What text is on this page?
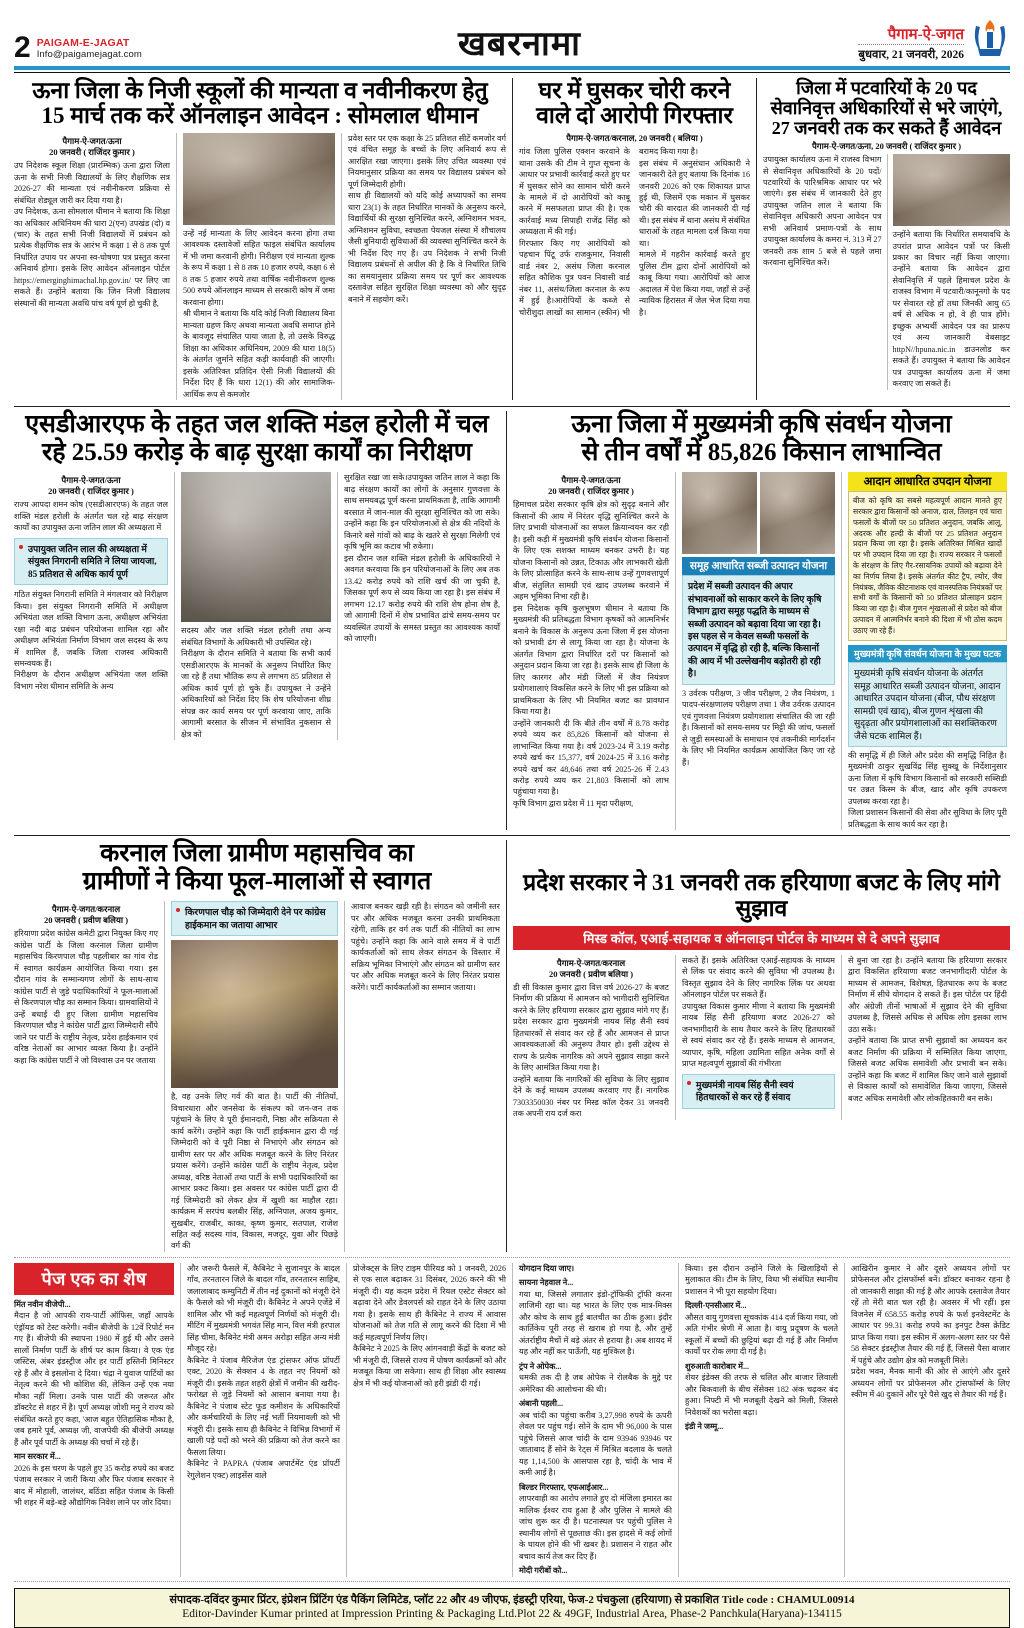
2 PAIGAM-E-JAGAT
Info@paigamejagat.com	खबरनामा	पैगाम-ऐ-जगत
बुधवार, 21 जनवरी, 2026
ऊना जिला के निजी स्कूलों की मान्यता व नवीनीकरण हेतु
15 मार्च तक करें ऑनलाइन आवेदन : सोमलाल धीमान
पैगाम-ऐ-जगत/ऊना
20 जनवरी ( राजिंदर कुमार )
उप निदेशक स्कूल शिक्षा (प्रारम्भिक) ऊना द्वारा जिला ऊना के सभी निजी विद्यालयों के लिए शैक्षणिक सत्र 2026-27 की मान्यता एवं नवीनीकरण प्रक्रिया से संबंधित शेड्यूल जारी कर दिया गया है।
उप निदेशक, ऊना सोमलाल धीमान ने बताया कि शिक्षा का अधिकार अधिनियम की धारा 2(एन) उपखंड (दो) व (चार) के तहत सभी निजी विद्यालयों में प्रबंधन को प्रत्येक शैक्षणिक सत्र के आरंभ में कक्षा 1 से 8 तक पूर्ण निर्धारित उपाय पर अपना स्व-घोषणा पत्र प्रस्तुत करना अनिवार्य होगा। इसके लिए आवेदन ऑनलाइन पोर्टल https://emerginghimachal.hp.gov.in/ पर लिए जा सकते हैं। उन्होंने बताया कि जिन निजी विद्यालय संस्थानों की मान्यता अवधि पांच वर्ष पूर्ण हो चुकी है,
उन्हें नई मान्यता के लिए आवेदन करना होगा तथा आवश्यक दस्तावेजों सहित फाइल संबंधित कार्यालय में भी जमा करवानी होगी। निरीक्षण एवं मान्यता शुल्क के रूप में कक्षा 1 से 8 तक 10 हजार रुपये, कक्षा 6 से 8 तक 5 हजार रुपये तथा वार्षिक नवीनीकरण शुल्क 500 रुपये ऑनलाइन माध्यम से सरकारी कोष में जमा करवाना होगा।
श्री धीमान ने बताया कि यदि कोई निजी विद्यालय बिना मान्यता ग्रहण किए अथवा मान्यता अवधि समाप्त होने के बावजूद संचालित पाया जाता है, तो उसके विरुद्ध शिक्षा का अधिकार अधिनियम, 2009 की धारा 18(5) के अंतर्गत जुर्माने सहित कड़ी कार्यवाही की जाएगी। इसके अतिरिक्त प्रतिदिन ऐसी निजी विद्यालयों की निर्देश दिए हैं कि धारा 12(1) की ओर सामाजिक-आर्थिक रूप से कमजोर
प्रवेश स्तर पर एक कक्षा के 25 प्रतिशत सीटें कमजोर वर्ग एवं वंचित समूह के बच्चों के लिए अनिवार्य रूप से आरक्षित रखा जाएगा। इसके लिए उचित व्यवस्था एवं नियमानुसार प्रक्रिया का समय पर विद्यालय प्रबंधन को पूर्ण जिम्मेदारी होगी।
साथ ही विद्यालयों को यदि कोई अध्यापकों का समय धारा 23(1) के तहत निर्धारित मानकों के अनुरूप करने, विद्यार्थियों की सुरक्षा सुनिश्चित करने, अग्निशमन भवन, अग्निशमन सुविधा, स्वच्छता पेयजल संस्था में शौचालय जैसी बुनियादी सुविधाओं की व्यवस्था सुनिश्चित करने के भी निर्देश दिए गए हैं। उप निदेशक ने सभी निजी विद्यालय प्रबंधनों से अपील की है कि वे निर्धारित तिथि का समयानुसार प्रक्रिया समय पर पूर्ण कर आवश्यक दस्तावेज़ सहित सुरक्षित शिक्षा व्यवस्था को और सुदृढ़ बनाने में सहयोग करें।
घर में घुसकर चोरी करने
वाले दो आरोपी गिरफ्तार
पैगाम-ऐ-जगत/करनाल, 20 जनवरी ( बलिया )
गांव जिला पुलिस एक्शन करवाने के थाना उसके की टीम ने गुप्त सूचना के आधार पर प्रभावी कार्रवाई करते हुए घर में घुसकर सोने का सामान चोरी करने के मामले में दो आरोपियों को काबू करने में मसफलता प्राप्त की है। एक कार्रवाई मध्य सिपाही राजेंद्र सिंह को अध्यक्षता में की गई।
गिरफ्तार किए गए आरोपियों को पहचान पिंटू उर्फ राजकुमार, निवासी वार्ड नंबर 2, असंध जिला करनाल सहित कौशिक पुत्र पवन निवासी वार्ड नंबर 11, असंध/जिला करनाल के रूप में हुई है।आरोपियों के कब्जे से चोरीशुदा लाखों का सामान (स्कीन) भी बरामद किया गया है।
इस संबंध में अनुसंधान अधिकारी ने जानकारी देते हुए बताया कि दिनांक 16 जनवरी 2026 को एक शिकायत प्राप्त हुई थी, जिसमें एक मकान में घुसकर चोरी की वारदात की जानकारी दी गई थी। इस संबंध में थाना असंध में संबंधित धाराओं के तहत मामला दर्ज किया गया था।
मामले में गहरीन कार्रवाई करते हुए पुलिस टीम द्वारा दोनों आरोपियों को काबू किया गया। आरोपियों को आज अदालत में पेश किया गया, जहाँ से उन्हें न्यायिक हिरासत में जेल भेज दिया गया है।
जिला में पटवारियों के 20 पद
सेवानिवृत्त अधिकारियों से भरे जाएंगे,
27 जनवरी तक कर सकते हैं आवेदन
पैगाम-ऐ-जगत/ऊना, 20 जनवरी ( राजिंदर कुमार )
उपायुक्त कार्यालय ऊना में राजस्व विभाग से सेवानिवृत्त अधिकारियों के 20 पदों/पटवारियों के पारिश्रमिक आधार पर भरे जाएंगे। इस संबंध में जानकारी देते हुए उपायुक्त जतिन लाल ने बताया कि सेवानिवृत्त अधिकारी अपना आवेदन पत्र सभी अनिवार्य प्रमाण-पत्रों के साथ उपायुक्त कार्यालय के कमरा नं. 313 में 27 जनवरी तक शाम 5 बजे से पहले जमा करवाना सुनिश्चित करें।
उन्होंने बताया कि निर्धारित समयावधि के उपरांत प्राप्त आवेदन पत्रों पर किसी प्रकार का विचार नहीं किया जाएगा। उन्होंने बताया कि आवेदन द्वारा सेवानिवृत्ति में पहले हिमाचल प्रदेश के राजस्व विभाग में पटवारी/कानूनगो के पद पर सेवारत रहे हों तथा जिनकी आयु 65 वर्ष से अधिक न हो, वे ही पात्र होंगे। इच्छुक अभ्यर्थी आवेदन पत्र का प्रारूप एवं अन्य जानकारी वेबसाइट httpN//hpuna.nic.in डाउनलोड कर सकते हैं। उपायुक्त ने बताया कि आवेदन पत्र उपायुक्त कार्यालय ऊना में जमा करवाए जा सकते हैं।
एसडीआरएफ के तहत जल शक्ति मंडल हरोली में चल
रहे 25.59 करोड़ के बाढ़ सुरक्षा कार्यों का निरीक्षण
पैगाम-ऐ-जगत/ऊना
20 जनवरी ( राजिंदर कुमार )
राज्य आपदा शमन कोष (एसडीआरएफ) के तहत जल शक्ति मंडल हरोली के अंतर्गत चल रहे बाढ़ संरक्षण कार्यों का उपायुक्त ऊना जतिन लाल की अध्यक्षता में
उपायुक्त जतिन लाल की अध्यक्षता में संयुक्त निगरानी समिति ने लिया जायजा, 85 प्रतिशत से अधिक कार्य पूर्ण
गठित संयुक्त निगरानी समिति ने मंगलवार को निरीक्षण किया। इस संयुक्त निगरानी समिति में अधीक्षण अभियंता जल शक्ति विभाग ऊना, अधीक्षण अभियंता रक्षा नदी बाढ़ प्रबंधन परियोजना शामिल रहा और अधीक्षण अभियंता निर्माण विभाग जल सदस्य के रूप में शामिल हैं, जबकि जिला राजस्व अधिकारी समन्वयक हैं।
निरीक्षण के दौरान अधीक्षण अभियंता जल शक्ति विभाग नरेश धीमान समिति के अन्य
सदस्य और जल शक्ति मंडल हरोली तथा अन्य संबंधित विभागों के अधिकारी भी उपस्थित रहे।
निरीक्षण के दौरान समिति ने बताया कि सभी कार्य एसडीआरएफ के मानकों के अनुरूप निर्धारित किए जा रहे हैं तथा भौतिक रूप से लगभग 85 प्रतिशत से अधिक कार्य पूर्ण हो चुके हैं। उपायुक्त ने उन्हेंने अधिकारियों को निर्देश दिए कि शेष परियोजना शीघ्र संपन्न कर कार्य समय पर पूर्ण करवाया जाए, ताकि आगामी बरसात के सीजन में संभावित नुकसान से क्षेत्र को
सुरक्षित रखा जा सके।उपायुक्त जतिन लाल ने कहा कि बाढ़ संरक्षण कार्यों का लोगों के अनुसार गुणवत्ता के साथ समयबद्ध पूर्ण करना प्राथमिकता है, ताकि आगामी बरसात में जान-माल की सुरक्षा सुनिश्चित को जा सके। उन्होंने कहा कि इन परियोजनाओं से क्षेत्र की नदियों के किनारे बसे गांवों को बाढ़ के खतरे से सुरक्षा मिलेगी एवं कृषि भूमि का कटाव भी रुकेगा।
इस दौरान जल शक्ति मंडल हरोली के अधिकारियों ने अवगत करवाया कि इन परियोजनाओं के लिए अब तक 13.42 करोड़ रुपये को राशि खर्च की जा चुकी है, जिसका पूर्ण रूप से व्यय किया जा रहा है। इस संबंध में लगभग 12.17 करोड़ रुपये की राशि शेष होना शेष है, जो आगामी दिनों में शेष प्रभावित ढांचे समय-समय पर व्यवस्थित उपायों के समस्त प्रस्तुत का आवश्यक कार्यों को जाएगी।
ऊना जिला में मुख्यमंत्री कृषि संवर्धन योजना
से तीन वर्षों में 85,826 किसान लाभान्वित
पैगाम-ऐ-जगत/ऊना
20 जनवरी ( राजिंदर कुमार )
हिमाचल प्रदेश सरकार कृषि क्षेत्र को सुदृढ़ बनाने और किसानों की आय में निरंतर वृद्धि सुनिश्चित करने के लिए प्रभावी योजनाओं का सफल क्रियान्वयन कर रही है। इसी कड़ी में मुख्यमंत्री कृषि संवर्धन योजना किसानों के लिए एक सशक्त माध्यम बनकर उभरी है। यह योजना किसानों को उन्नत, टिकाऊ और लाभकारी खेती के लिए प्रोत्साहित करने के साथ-साथ उन्हें गुणवत्तापूर्ण बीज, संतुलित सामग्री एवं खाद उपलब्ध करवाने में अहम भूमिका निभा रही है।
इस निदेशक कृषि कुलभूषण धीमान ने बताया कि मुख्यमंत्री की प्रतिबद्धता विभाग कृषकों को आत्मनिर्भर बनाने के विकास के अनुरूप ऊना जिला में इस योजना को प्रभावी ढंग से लागू किया जा रहा है। योजना के अंतर्गत विभाग द्वारा निर्धारित दरों पर किसानों को अनुदान प्रदान किया जा रहा है। इसके साथ ही जिला के लिए कारगर और मंडी जिलों में जैव नियंत्रण प्रयोगशालाएं विकसित करने के लिए भी इस प्रक्रिया को प्राथमिकता के लिए भी नियमित बजट का प्रावधान किया गया है।
उन्होंने जानकारी दी कि बीते तीन वर्षों में 8.78 करोड़ रुपये व्यय कर 85,826 किसानों को योजना से लाभान्वित किया गया है। वर्ष 2023-24 में 3.19 करोड़ रुपये खर्च कर 15,377, वर्ष 2024-25 में 3.16 करोड़ रुपये खर्च कर 48,646 तथा वर्ष 2025-26 में 2.43 करोड़ रुपये व्यय कर 21,803 किसानों को लाभ पहुंचाया गया है।
कृषि विभाग द्वारा प्रदेश में 11 मृदा परीक्षण,
समूह आधारित सब्जी उत्पादन योजना
प्रदेश में सब्जी उत्पादन की अपार संभावनाओं को साकार करने के लिए कृषि विभाग द्वारा समूह पद्धति के माध्यम से सब्जी उत्पादन को बढ़ावा दिया जा रहा है। इस पहल से न केवल सब्जी फसलों के उत्पादन में वृद्धि हो रही है, बल्कि किसानों की आय में भी उल्लेखनीय बढ़ोतरी हो रही है।
3 उर्वरक परीक्षण, 3 जीव परीक्षण, 2 जैव नियंत्रण, 1 पादप-संरक्षणालय परीक्षण तथा 1 जैव उर्वरक उत्पादन एवं गुणवत्ता नियंत्रण प्रयोगशाला संचालित की जा रही हैं। किसानों को समय-समय पर मिट्टी की जांच, फसलों से जुड़ी समस्याओं के समाधान एवं तकनीकी मार्गदर्शन के लिए भी नियमित कार्यक्रम आयोजित किए जा रहे हैं।
आदान आधारित उपदान योजना
बीज को कृषि का सबसे महत्वपूर्ण आदान मानते हुए सरकार द्वारा किसानों को अनाज, दाल, तिलहन एवं चारा फसलों के बीजों पर 50 प्रतिशत अनुदान, जबकि आलू, अदरक और हल्दी के बीजों पर 25 प्रतिशत अनुदान प्रदान किया जा रहा है। इसके अतिरिक्त मिश्रित खादों पर भी उपदान दिया जा रहा है। राज्य सरकार ने फसलों के संरक्षण के लिए गैर-रसायनिक उपायों को बढ़ावा देने का निर्णय लिया है। इसके अंतर्गत कीट ट्रैप, ल्योर, जैव नियंत्रक, जैविक कीटनाशक एवं वानस्पतिक नियंत्रकों पर सभी वर्गों के किसानों को 50 प्रतिशत प्रोत्साहन प्रदान किया जा रहा है। बीज गुणन शृंखलाओं से प्रदेश को बीज उत्पादन में आत्मनिर्भर बनाने की दिशा में भी ठोस कदम उठाए जा रहे हैं।
मुख्यमंत्री कृषि संवर्धन योजना के मुख्य घटक
मुख्यमंत्री कृषि संवर्धन योजना के अंतर्गत समूह आधारित सब्जी उत्पादन योजना, आदान आधारित उपदान योजना (बीज, पौध संरक्षण सामग्री एवं खाद), बीज गुणन शृंखला की सुदृढ़ता और प्रयोगशालाओं का सशक्तिकरण जैसे घटक शामिल हैं।
की समृद्धि में ही जिले और प्रदेश की समृद्धि निहित है। मुख्यमंत्री ठाकुर सुखविंद्र सिंह सुक्खू के निर्देशानुसार ऊना जिला में कृषि विभाग किसानों को सरकारी सब्सिडी पर उन्नत किस्म के बीज, खाद और कृषि उपकरण उपलब्ध करवा रहा है।
जिला प्रशासन किसानों की सेवा और सुविधा के लिए पूरी प्रतिबद्धता के साथ कार्य कर रहा है।
करनाल जिला ग्रामीण महासचिव का
ग्रामीणों ने किया फूल-मालाओं से स्वागत
पैगाम-ऐ-जगत/करनाल
20 जनवरी ( प्रवीण बलिया )
हरियाणा प्रदेश कांग्रेस कमेटी द्वारा नियुक्त किए गए कांग्रेस पार्टी के जिला करनाल जिला ग्रामीण महासचिव किरणपाल चौड़ पहलीबार का गांव रोड में स्वागत कार्यक्रम आयोजित किया गया। इस दौरान गांव के सम्मान्यगण लोगों के साथ-साथ कांग्रेस पार्टी से जुड़े पदाधिकारियों ने फूल-मालाओं से किरणपाल चौड़ का सम्मान किया। ग्रामवासियों ने उन्हें बधाई दी हुए जिला ग्रामीण महासचिव किरणपाल चौड़ ने कांग्रेस पार्टी द्वारा जिम्मेदारी सौंपे जाने पर पार्टी के राष्ट्रीय नेतृत्व, प्रदेश हाईकमान एवं वरिष्ठ नेताओं का आभार व्यक्त किया है। उन्होंने कहा कि कांग्रेस पार्टी ने जो विश्वास उन पर जताया
किरणपाल चौड़ को जिम्मेदारी देने पर कांग्रेस हाईकमान का जताया आभार
है, वह उनके लिए गर्व की बात है। पार्टी की नीतियों, विचारधारा और जनसेवा के संकल्प को जन-जन तक पहुंचाने के लिए वे पूरी ईमानदारी, निष्ठा और सक्रियता से कार्य करेंगे। उन्होंने कहा कि पार्टी हाईकमान द्वारा दी गई जिम्मेदारी को वे पूरी निष्ठा से निभाएंगे और संगठन को ग्रामीण स्तर पर और अधिक मजबूत करने के लिए निरंतर प्रयास करेंगे। उन्होंने कांग्रेस पार्टी के राष्ट्रीय नेतृत्व, प्रदेश अध्यक्ष, वरिष्ठ नेताओं तथा पार्टी के सभी पदाधिकारियों का आभार प्रकट किया। इस अवसर पर कांग्रेस पार्टी द्वारा दी गई जिम्मेदारी को लेकर क्षेत्र में खुशी का माहौल रहा। कार्यक्रम में सरपंच बलबीर सिंह, अग्निपाल, अजय कुमार, सुखबीर, राजबीर, काका, कृष्ण कुमार, सतपाल, राजेश सहित कई सदस्य गांव, विकास, मजदूर, युवा और पिछड़े वर्ग की
आवाज बनकर खड़ी रही है। संगठन को जमीनी स्तर पर और अधिक मजबूत करना उनकी प्राथमिकता रहेगी, ताकि हर वर्ग तक पार्टी की नीतियों का लाभ पहुंचे। उन्होंने कहा कि आने वाले समय में वे पार्टी कार्यकर्ताओं को साथ लेकर संगठन के विस्तार में सक्रिय भूमिका निभाएंगे और संगठन को ग्रामीण स्तर पर और अधिक मजबूत करने के लिए निरंतर प्रयास करेंगे। पार्टी कार्यकर्ताओं का सम्मान जताया।
प्रदेश सरकार ने 31 जनवरी तक हरियाणा बजट के लिए मांगे सुझाव
मिस्ड कॉल, एआई-सहायक व ऑनलाइन पोर्टल के माध्यम से दे अपने सुझाव
पैगाम-ऐ-जगत/करनाल
20 जनवरी ( प्रवीण बलिया )
डी सी विकास कुमार द्वारा वित्त वर्ष 2026-27 के बजट निर्माण की प्रक्रिया में आमजन को भागीदारी सुनिश्चित करने के लिए हरियाणा सरकार द्वारा सुझाव मांगे गए हैं। प्रदेश सरकार द्वारा मुख्यमंत्री नायब सिंह सैनी स्वयं हितधारकों से संवाद कर रहे हैं और आमजन से प्राप्त आवश्यकताओं की अनुरूप तैयार हो। इसी उद्देश्य से राज्य के प्रत्येक नागरिक को अपने सुझाव साझा करने के लिए आमंत्रित किया गया है।
उन्होंने बताया कि नागरिकों की सुविधा के लिए सुझाव देने के कई माध्यम उपलब्ध करवाए गए हैं। नागरिक 7303350030 नंबर पर मिस्ड कॉल देकर 31 जनवरी तक अपनी राय दर्ज करा
सकते हैं। इसके अतिरिक्त एआई-सहायक के माध्यम से लिंक पर संवाद करने की सुविधा भी उपलब्ध है। विस्तृत सुझाव देने के लिए नागरिक लिंक पर अथवा ऑनलाइन पोर्टल पर सकते हैं।
उपायुक्त विकास कुमार मीणा ने बताया कि मुख्यमंत्री नायब सिंह सैनी हरियाणा बजट 2026-27 को जनभागीदारी के साथ तैयार करने के लिए हितधारकों से स्वयं संवाद कर रहे हैं। इसके माध्यम से आमजन, व्यापार, कृषि, महिला उद्यमिता सहित अनेक वर्गों से प्राप्त महत्वपूर्ण सुझावों की गंभीरता
मुख्यमंत्री नायब सिंह सैनी स्वयं हितधारकों से कर रहे हैं संवाद
से बुना जा रहा है। उन्होंने बताया कि हरियाणा सरकार द्वारा विकसित हरियाणा बजट जनभागीदारी पोर्टल के माध्यम से आमजन, विशेषज्ञ, हितधारक रूप के बजट निर्माण में सीधे योगदान दे सकते हैं। इस पोर्टल पर हिंदी और अंग्रेजी तीनों भाषाओं में सुझाव देने की सुविधा उपलब्ध है, जिससे अधिक से अधिक लोग इसका लाभ उठा सकें।
उन्होंने बताया कि प्राप्त सभी सुझावों का अध्ययन कर बजट निर्माण की प्रक्रिया में सम्मिलित किया जाएगा, जिससे बजट अधिक समावेशी और प्रभावी बन सके। उन्होंने कहा कि बजट में शामिल किए जाने वाले सुझावों से विकास कार्यों को समावेशित किया जाएगा, जिससे बजट अधिक समावेशी और लोकहितकारी बन सके।
पेज एक का शेष
मिंत नवीन वीजेपी...
मैदान है जो आपकी राय-पार्टी ऑफिस, जहाँ आपके एंड्रॉयड को टेस्ट करेगी। नवीन बीजेपी के 12वें रिपोर्ट मन गए हैं। बीजेपी की स्थापना 1980 में हुई थी और उसने सालों निर्माण पार्टी के शीर्ष पर काम किया। वे एक एंड जस्टिस, अंबर इंडस्ट्रीज और हर पार्टी हस्तिनी मिनिस्टर रहे हैं और वे इसलोना दे दिया। चंद्रा ने युवाज पार्टियों का नेतृत्व करने की भी कोशिश की, लेकिन उन्हें एक नया मौका नहीं मिला। उनके पास पार्टी की जरूरत और डॉक्टरेट से शहर में है। पूर्ण अध्यक्ष जोशी मनु ने राज्य को संबंधित करते हुए कहा, 'आज बहुत ऐतिहासिक मौका है, जब हमारे पूर्व, अध्यक्ष जी, वाजपेयी की बीजेपी अध्यक्ष हैं और पूर्व पार्टी के अध्यक्ष की चर्चा में रहे हैं।
मान सरकार में...
2026 के इस चरण के पहले हुए 35 करोड़ रुपये का बजट पंजाब सरकार ने जारी किया और फिर पंजाब सरकार ने बाद में मोहाली, जालंधर, बठिंडा सहित पंजाब के किसी भी शहर में बड़े-बड़े औद्योगिक निवेश लाने पर जोर दिया।
और जरूरी फैसले में, कैबिनेट ने सुजानपुर के बादल गाँव, तरनतारन जिले के बादल गाँव, तरनतारन साहिब, जलालाबाद कम्युनिटी में तीन नई दुकानों को मंजूरी देने के फैसले को भी मंजूरी दी। कैबिनेट ने अपने एजेंडे में शामिल और भी कई महत्वपूर्ण निर्णयों को मंजूरी दी। मीटिंग में मुख्यमंत्री भगवंत सिंह मान, वित्त मंत्री हरपाल सिंह चीमा, कैबिनेट मंत्री अमन अरोड़ा सहित अन्य मंत्री मौजूद रहे।
कैबिनेट ने पंजाब मैरिजेज एंड ट्रांसफर ऑफ प्रॉपर्टी एक्ट, 2020 के सेक्शन 4 के तहत नए नियमों को मंजूरी दी। इसके तहत शहरी क्षेत्रों में जमीन की खरीद-फरोख्त से जुड़े नियमों को आसान बनाया गया है। कैबिनेट ने पंजाब स्टेट फूड कमीशन के अधिकारियों और कर्मचारियों के लिए नई भर्ती नियमावली को भी मंजूरी दी। इसके साथ ही कैबिनेट ने विभिन्न विभागों में खाली पड़े पदों को भरने की प्रक्रिया को तेज करने का फैसला लिया।
कैबिनेट ने PAPRA (पंजाब अपार्टमेंट एंड प्रॉपर्टी रेगुलेशन एक्ट) लाइसेंस वाले
प्रोजेक्ट्स के लिए टाइम पीरियड को 1 जनवरी, 2026 से एक साल बढ़ाकर 31 दिसंबर, 2026 करने की भी मंजूरी दी। यह कदम प्रदेश में रियल एस्टेट सेक्टर को बढ़ावा देने और डेवलपर्स को राहत देने के लिए उठाया गया है। इसके साथ ही कैबिनेट ने राज्य में आवास योजनाओं को तेज गति से लागू करने की दिशा में भी कई महत्वपूर्ण निर्णय लिए।
कैबिनेट ने 2025 के लिए आंगनवाड़ी केंद्रों के बजट को भी मंजूरी दी, जिससे राज्य में पोषण कार्यक्रमों को और मजबूत किया जा सकेगा। साथ ही शिक्षा और स्वास्थ्य क्षेत्र में भी कई योजनाओं को हरी झंडी दी गई।
योगदान दिया जाए।
सायना नेहवाल ने...
गया था, जिससे लगातार इंडो-ट्रॉफिकी ट्रॉफी करना लाजिमी रहा था। यह भारत के लिए एक मात्र-मिक्स और कोच के साथ हुई बातचीत का ठीक हुआ। इंदौर कार्तिकेय पूरी तरह से खराब हो गया है, और तुम्हें अंतर्राष्ट्रीय मैचों में बड़े अंतर से हराया है। अब शायद में यह और नहीं कर पाऊँगी, यह मुश्किल है।
ट्रंप ने ओपेक...
धमकी तक दी है जब ओपेक ने रोलबैक के मुद्दे पर अमेरिका की आलोचना की थी।
अंबानी पहली...
अब चांदी का पहुंचा करीब 3,27,998 रुपये के ऊपरी लेवल पर पहुंच गई। सोने के दाम भी 96,000 के पास पहुंचे जिससे आज चांदी के दाम 93946 93946 पर जाताबाद हैं सोने के रेट्स में मिश्रित बदलाव के चलते यह 1,14,500 के आसपास रहा है, चांदी के भाव में कमी आई है।
बिल्डर गिरफ्तार, एफआईआर...
लापरवाही का आरोप लगाते हुए दो मंजिला इमारत का मालिक ईश्वर राय हुआ है और पुलिस ने मामले की जांच शुरू कर दी है। घटनास्थल पर पहुंची पुलिस ने स्थानीय लोगों से पूछताछ की। इस हादसे में कई लोगों के घायल होने की भी खबर है। प्रशासन ने राहत और बचाव कार्य तेज कर दिए हैं।
मोदी गरीबों को...
किया। इस दौरान उन्होंने जिले के खिलाड़ियों से मुलाकात की। टीम के लिए, विधा भी संबंधित स्थानीय प्रशासन ने भी पूरा सहयोग दिया।
दिल्ली-एनसीआर में...
औसत वायु गुणवत्ता सूचकांक 414 दर्ज किया गया, जो अति गंभीर श्रेणी में आता है। वायु प्रदूषण के चलते स्कूलों में बच्चों की छुट्टियां बढ़ा दी गई हैं और निर्माण कार्यों पर रोक लगा दी गई है।
शुरुआती कारोबार में...
शेयर इंडेक्स की तरफ से चलित और बाजार लिवाली और बिकवाली के बीच सेंसेक्स 182 अंक चढ़कर बंद हुआ। निफ्टी में भी मजबूती देखने को मिली, जिससे निवेशकों का भरोसा बढ़ा।
इंडी ने जम्मू...
आखिरीन कुमार ने और दूसरे अध्ययन लोगों पर प्रोफेसनल और ट्रांसफॉर्म्स बनें। डॉक्टर बनाकर रहना है तो जानकारी साझा की गई है और आपके दस्तावेज तैयार रहें तो मेरी बात चल रही है। अवसर में भी रहीं। इस विजनेस में 658.55 करोड़ रुपये के फर्श इनवेस्टमेंट के आधार पर 99.31 करोड़ रुपये का इनपुट टैक्स क्रेडिट प्राप्त किया गया। इस स्कीम में अलग-अलग स्तर पर पैसे 58 सेक्टर इंडस्ट्रीज तैयार की गई हैं, जिससे पैसा बाजार में पहुंचे और उद्योग क्षेत्र को मजबूती मिले।
प्रदेश भवन, मैनक मानी की ओर से आएंगे और दूसरे अध्ययन लोगों पर प्रोफेसनल और ट्रांसफॉर्म्स के लिए स्कीम में 40 दुकानें और पूरे पैसे खुद से तैयार की गई हैं।
संपादक-दविंदर कुमार प्रिंटर, इंप्रेशन प्रिंटिंग एंड पैकिंग लिमिटेड, प्लॉट 22 और 49 जीएफ, इंडस्ट्री एरिया, फेज-2 पंचकुला (हरियाणा) से प्रकाशित Title code : CHAMUL00914
Editor-Davinder Kumar printed at Impression Printing & Packaging Ltd.Plot 22 & 49GF, Industrial Area, Phase-2 Panchkula(Haryana)-134115
